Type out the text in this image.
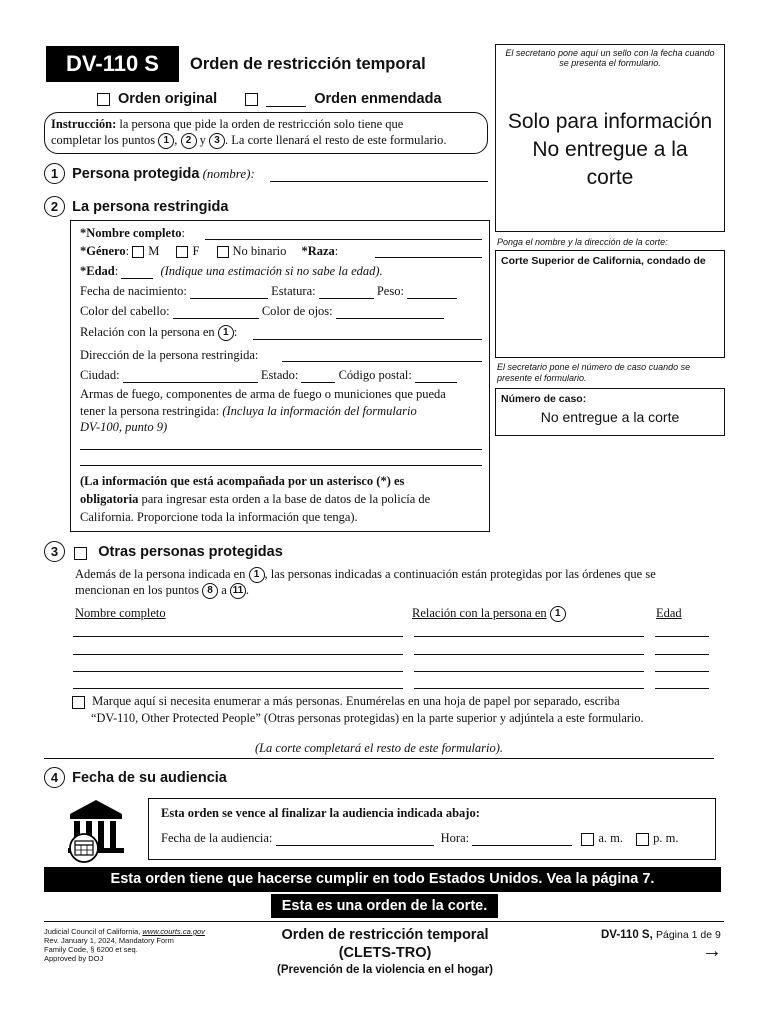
DV-110 S	Orden de restricción temporal
Orden original	Orden enmendada
Instrucción: la persona que pide la orden de restricción solo tiene que
completar los puntos 1 , 2 y 3 . La corte llenará el resto de este formulario.
El secretario pone aquí un sello con la fecha cuando se presenta el formulario.
Solo para información
No entregue a la
corte
Ponga el nombre y la dirección de la corte:
Corte Superior de California, condado de
El secretario pone el número de caso cuando se presente el formulario.
Número de caso:
No entregue a la corte
1 Persona protegida (nombre):
2 La persona restringida
*Nombre completo:
*Género: M	F	No binario *Raza:
*Edad:	(Indique una estimación si no sabe la edad).
Fecha de nacimiento:	Estatura:	Peso:
Color del cabello:	Color de ojos:
Relación con la persona en 1 :
Dirección de la persona restringida:
Ciudad:	Estado:	Código postal:
Armas de fuego, componentes de arma de fuego o municiones que pueda
tener la persona restringida: (Incluya la información del formulario
DV-100, punto 9)
(La información que está acompañada por un asterisco (*) es
obligatoria para ingresar esta orden a la base de datos de la policía de
California. Proporcione toda la información que tenga).
3	Otras personas protegidas
Además de la persona indicada en 1 , las personas indicadas a continuación están protegidas por las órdenes que se
mencionan en los puntos 8 a 11 .
Nombre completo	Relación con la persona en 1	Edad
Marque aquí si necesita enumerar a más personas. Enumérelas en una hoja de papel por separado, escriba
“DV-110, Other Protected People” (Otras personas protegidas) en la parte superior y adjúntela a este formulario.
(La corte completará el resto de este formulario).
4 Fecha de su audiencia
Esta orden se vence al finalizar la audiencia indicada abajo:
Fecha de la audiencia:	Hora:	a. m. p. m.
Esta orden tiene que hacerse cumplir en todo Estados Unidos. Vea la página 7.
Esta es una orden de la corte.
Judicial Council of California, www.courts.ca.gov
Rev. January 1, 2024, Mandatory Form
Family Code, § 6200 et seq.
Approved by DOJ
Orden de restricción temporal
(CLETS-TRO)
(Prevención de la violencia en el hogar)
DV-110 S, Página 1 de 9
→
